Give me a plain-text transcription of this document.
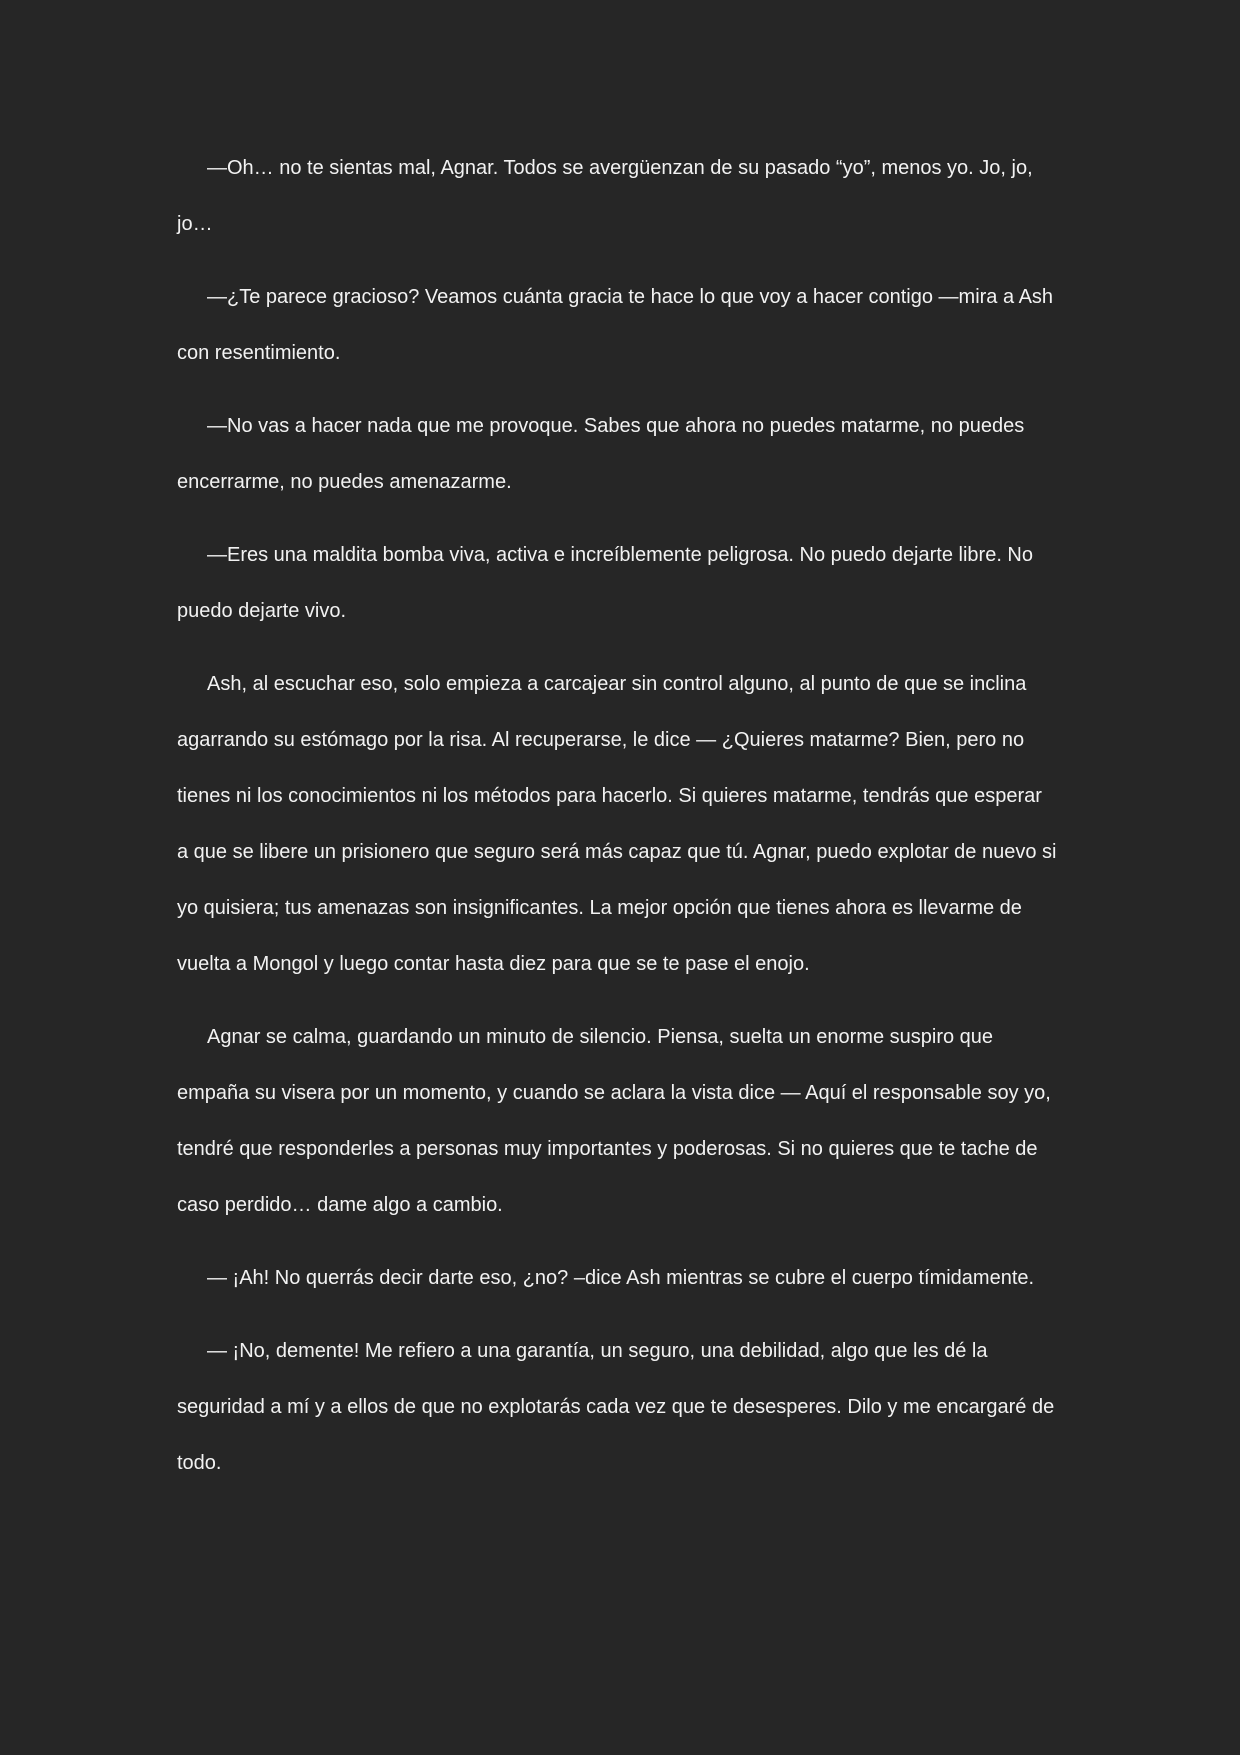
—Oh… no te sientas mal, Agnar. Todos se avergüenzan de su pasado “yo”, menos yo. Jo, jo, jo…

—¿Te parece gracioso? Veamos cuánta gracia te hace lo que voy a hacer contigo —mira a Ash con resentimiento.

—No vas a hacer nada que me provoque. Sabes que ahora no puedes matarme, no puedes encerrarme, no puedes amenazarme.

—Eres una maldita bomba viva, activa e increíblemente peligrosa. No puedo dejarte libre. No puedo dejarte vivo.

Ash, al escuchar eso, solo empieza a carcajear sin control alguno, al punto de que se inclina agarrando su estómago por la risa. Al recuperarse, le dice — ¿Quieres matarme? Bien, pero no tienes ni los conocimientos ni los métodos para hacerlo. Si quieres matarme, tendrás que esperar a que se libere un prisionero que seguro será más capaz que tú. Agnar, puedo explotar de nuevo si yo quisiera; tus amenazas son insignificantes. La mejor opción que tienes ahora es llevarme de vuelta a Mongol y luego contar hasta diez para que se te pase el enojo.

Agnar se calma, guardando un minuto de silencio. Piensa, suelta un enorme suspiro que empaña su visera por un momento, y cuando se aclara la vista dice — Aquí el responsable soy yo, tendré que responderles a personas muy importantes y poderosas. Si no quieres que te tache de caso perdido… dame algo a cambio.

— ¡Ah! No querrás decir darte eso, ¿no? –dice Ash mientras se cubre el cuerpo tímidamente.

— ¡No, demente! Me refiero a una garantía, un seguro, una debilidad, algo que les dé la seguridad a mí y a ellos de que no explotarás cada vez que te desesperes. Dilo y me encargaré de todo.
